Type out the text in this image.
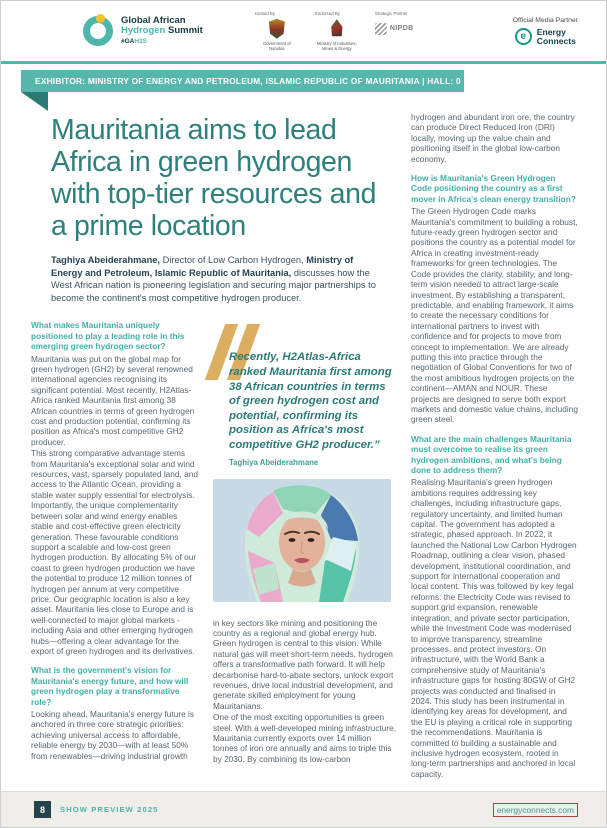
Global African
Hydrogen Summit
#GAH2S
Hosted By
Government of Namibia
Endorsed By
Ministry of Industries, Mines & Energy
Strategic Partner
NIPDB
Official Media Partner
e	Energy
Connects
EXHIBITOR: MINISTRY OF ENERGY AND PETROLEUM, ISLAMIC REPUBLIC OF MAURITANIA | HALL: 0 | STAND: 0
Mauritania aims to lead Africa in green hydrogen with top-tier resources and a prime location

Taghiya Abeiderahmane, Director of Low Carbon Hydrogen, Ministry of Energy and Petroleum, Islamic Republic of Mauritania, discusses how the West African nation is pioneering legislation and securing major partnerships to become the continent's most competitive hydrogen producer.

What makes Mauritania uniquely positioned to play a leading role in this emerging green hydrogen sector?

Mauritania was put on the global map for green hydrogen (GH2) by several renowned international agencies recognising its significant potential. Most recently, H2Atlas-Africa ranked Mauritania first among 38 African countries in terms of green hydrogen cost and production potential, confirming its position as Africa's most competitive GH2 producer.

This strong comparative advantage stems from Mauritania's exceptional solar and wind resources, vast, sparsely populated land, and access to the Atlantic Ocean, providing a stable water supply essential for electrolysis. Importantly, the unique complementarity between solar and wind energy enables stable and cost-effective green electricity generation. These favourable conditions support a scalable and low-cost green hydrogen production. By allocating 5% of our coast to green hydrogen production we have the potential to produce 12 million tonnes of hydrogen per annum at very competitive price. Our geographic location is also a key asset. Mauritania lies close to Europe and is well-connected to major global markets - including Asia and other emerging hydrogen hubs—offering a clear advantage for the export of green hydrogen and its derivatives.

What is the government's vision for Mauritania's energy future, and how will green hydrogen play a transformative role?

Looking ahead, Mauritania's energy future is anchored in three core strategic priorities: achieving universal access to affordable, reliable energy by 2030—with at least 50% from renewables—driving industrial growth

Recently, H2Atlas-Africa ranked Mauritania first among 38 African countries in terms of green hydrogen cost and potential, confirming its position as Africa's most competitive GH2 producer.”
Taghiya Abeiderahmane

in key sectors like mining and positioning the country as a regional and global energy hub. Green hydrogen is central to this vision. While natural gas will meet short-term needs, hydrogen offers a transformative path forward. It will help decarbonise hard-to-abate sectors, unlock export revenues, drive local industrial development, and generate skilled employment for young Mauritanians.

One of the most exciting opportunities is green steel. With a well-developed mining infrastructure, Mauritania currently exports over 14 million tonnes of iron ore annually and aims to triple this by 2030. By combining its low-carbon

hydrogen and abundant iron ore, the country can produce Direct Reduced Iron (DRI) locally, moving up the value chain and positioning itself in the global low-carbon economy.

How is Mauritania's Green Hydrogen Code positioning the country as a first mover in Africa's clean energy transition?

The Green Hydrogen Code marks Mauritania's commitment to building a robust, future-ready green hydrogen sector and positions the country as a potential model for Africa in creating investment-ready frameworks for green technologies. The Code provides the clarity, stability, and long-term vision needed to attract large-scale investment. By establishing a transparent, predictable, and enabling framework, it aims to create the necessary conditions for international partners to invest with confidence and for projects to move from concept to implementation. We are already putting this into practice through the negotiation of Global Conventions for two of the most ambitious hydrogen projects on the continent—AMAN and NOUR. These projects are designed to serve both export markets and domestic value chains, including green steel.

What are the main challenges Mauritania must overcome to realise its green hydrogen ambitions, and what's being done to address them?

Realising Mauritania's green hydrogen ambitions requires addressing key challenges, including infrastructure gaps, regulatory uncertainty, and limited human capital. The government has adopted a strategic, phased approach. In 2022, it launched the National Low Carbon Hydrogen Roadmap, outlining a clear vision, phased development, institutional coordination, and support for international cooperation and local content. This was followed by key legal reforms: the Electricity Code was revised to support grid expansion, renewable integration, and private sector participation, while the Investment Code was modernised to improve transparency, streamline processes, and protect investors. On infrastructure, with the World Bank a comprehensive study of Mauritania's infrastructure gaps for hosting 80GW of GH2 projects was conducted and finalised in 2024. This study has been instrumental in identifying key areas for development, and the EU is playing a critical role in supporting the recommendations. Mauritania is committed to building a sustainable and inclusive hydrogen ecosystem, rooted in long-term partnerships and anchored in local capacity.

8	SHOW PREVIEW 2025	energyconnects.com
